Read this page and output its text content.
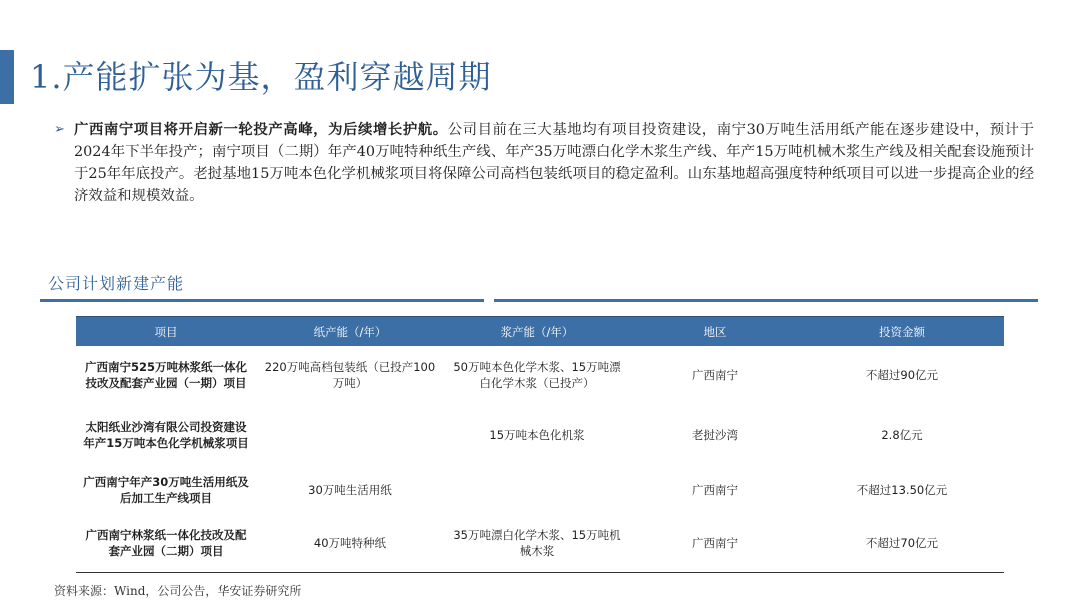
1.产能扩张为基，盈利穿越周期
➢ 广西南宁项目将开启新一轮投产高峰，为后续增长护航。公司目前在三大基地均有项目投资建设，南宁30万吨生活用纸产能在逐步建设中，预计于2024年下半年投产；南宁项目（二期）年产40万吨特种纸生产线、年产35万吨漂白化学木浆生产线、年产15万吨机械木浆生产线及相关配套设施预计于25年年底投产。老挝基地15万吨本色化学机械浆项目将保障公司高档包装纸项目的稳定盈利。山东基地超高强度特种纸项目可以进一步提高企业的经济效益和规模效益。
公司计划新建产能
项目	纸产能（/年）	浆产能（/年）	地区	投资金额
广西南宁525万吨林浆纸一体化技改及配套产业园（一期）项目	220万吨高档包装纸（已投产100万吨）	50万吨本色化学木浆、15万吨漂白化学木浆（已投产）	广西南宁	不超过90亿元
太阳纸业沙湾有限公司投资建设年产15万吨本色化学机械浆项目		15万吨本色化机浆	老挝沙湾	2.8亿元
广西南宁年产30万吨生活用纸及后加工生产线项目	30万吨生活用纸		广西南宁	不超过13.50亿元
广西南宁林浆纸一体化技改及配套产业园（二期）项目	40万吨特种纸	35万吨漂白化学木浆、15万吨机械木浆	广西南宁	不超过70亿元
资料来源：Wind，公司公告，华安证券研究所
